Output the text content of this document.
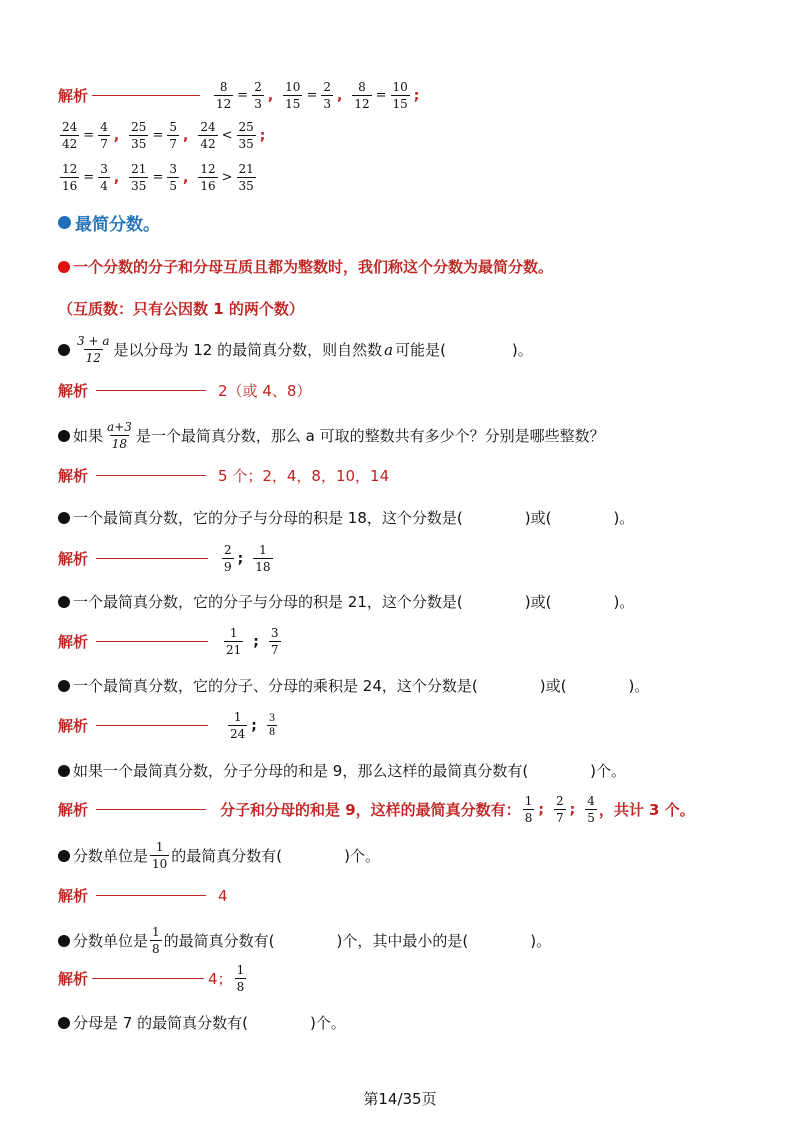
解析	$\frac{8}{12} = \frac{2}{3}$ , $\frac{10}{15} = \frac{2}{3}$ , $\frac{8}{12} = \frac{10}{15}$ ;
$\frac{24}{42} = \frac{4}{7}$ , $\frac{25}{35} = \frac{5}{7}$ , $\frac{24}{42} < \frac{25}{35}$ ;
$\frac{12}{16} = \frac{3}{4}$ , $\frac{21}{35} = \frac{3}{5}$ , $\frac{12}{16} > \frac{21}{35}$
最简分数。
一个分数的分子和分母互质且都为整数时，我们称这个分数为最简分数。
（互质数：只有公因数 1 的两个数）
$\frac{3 + a}{12}$ 是以分母为 12 的最简真分数，则自然数 a 可能是(	)。
解析	2（或 4、8）
如果 $\frac{a+3}{18}$ 是一个最简真分数，那么 a 可取的整数共有多少个？分别是哪些整数？
解析	5 个；2，4，8，10，14
一个最简真分数，它的分子与分母的积是 18，这个分数是(	)或(	)。
解析	$\frac{2}{9}$ ; $\frac{1}{18}$
一个最简真分数，它的分子与分母的积是 21，这个分数是(	)或(	)。
解析	$\frac{1}{21}$ ; $\frac{3}{7}$
一个最简真分数，它的分子、分母的乘积是 24，这个分数是(	)或(	)。
解析	$\frac{1}{24}$ ; $\frac{3}{8}$
如果一个最简真分数，分子分母的和是 9，那么这样的最简真分数有(	)个。
解析	分子和分母的和是 9，这样的最简真分数有： $\frac{1}{8}$ ; $\frac{2}{7}$ ; $\frac{4}{5}$ ，共计 3 个。
分数单位是 $\frac{1}{10}$ 的最简真分数有(	)个。
解析	4
分数单位是 $\frac{1}{8}$ 的最简真分数有(	)个，其中最小的是(	)。
解析	4； $\frac{1}{8}$
分母是 7 的最简真分数有(	)个。
第14/35页
